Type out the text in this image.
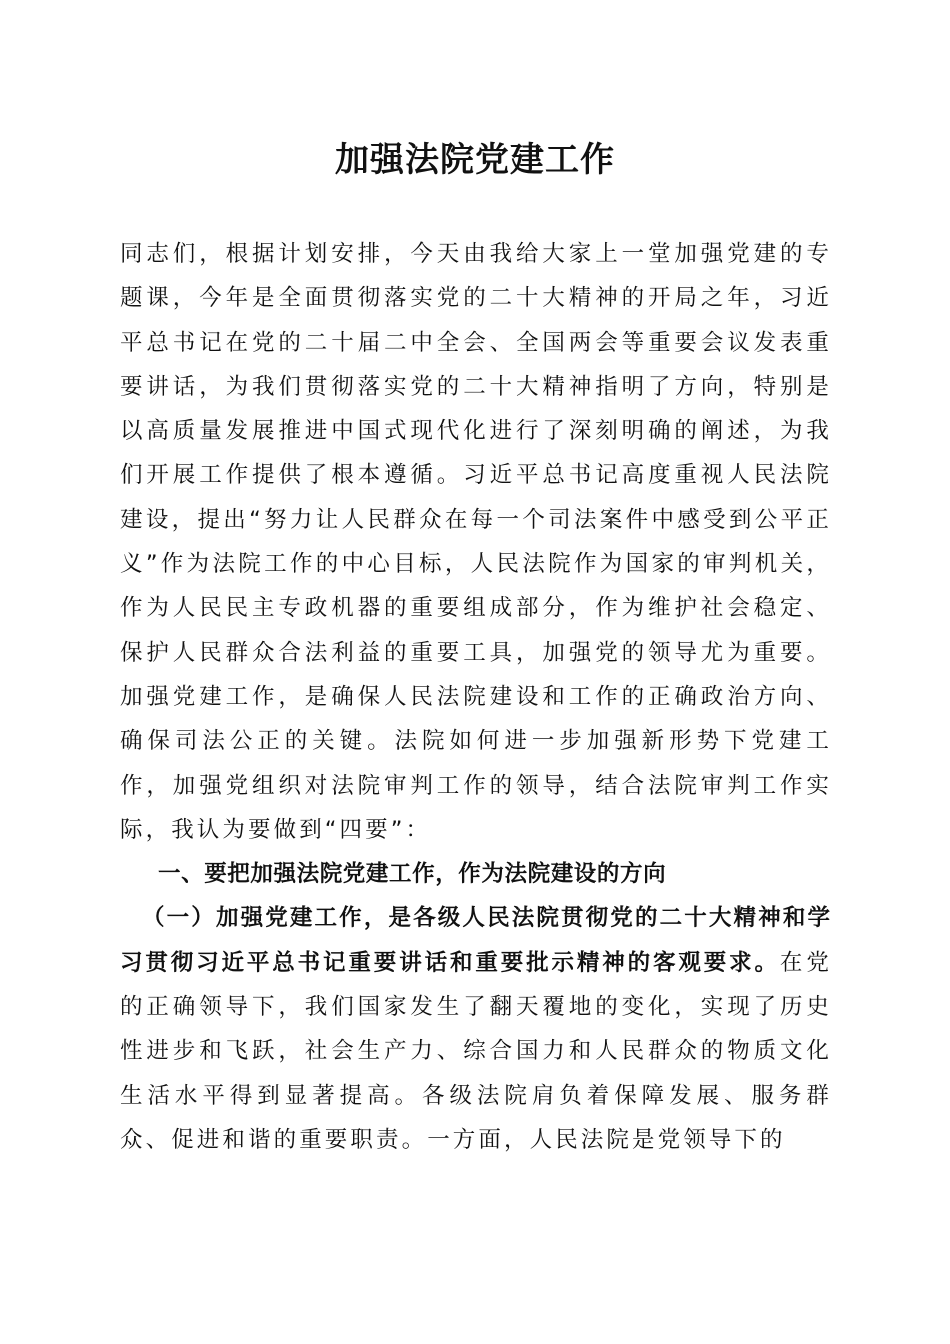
加强法院党建工作

同志们，根据计划安排，今天由我给大家上一堂加强党建的专题课，今年是全面贯彻落实党的二十大精神的开局之年，习近平总书记在党的二十届二中全会、全国两会等重要会议发表重要讲话，为我们贯彻落实党的二十大精神指明了方向，特别是以高质量发展推进中国式现代化进行了深刻明确的阐述，为我们开展工作提供了根本遵循。习近平总书记高度重视人民法院建设，提出“努力让人民群众在每一个司法案件中感受到公平正义”作为法院工作的中心目标，人民法院作为国家的审判机关，作为人民民主专政机器的重要组成部分，作为维护社会稳定、保护人民群众合法利益的重要工具，加强党的领导尤为重要。加强党建工作，是确保人民法院建设和工作的正确政治方向、确保司法公正的关键。法院如何进一步加强新形势下党建工作，加强党组织对法院审判工作的领导，结合法院审判工作实际，我认为要做到“四要”：

一、要把加强法院党建工作，作为法院建设的方向

（一）加强党建工作，是各级人民法院贯彻党的二十大精神和学习贯彻习近平总书记重要讲话和重要批示精神的客观要求。在党的正确领导下，我们国家发生了翻天覆地的变化，实现了历史性进步和飞跃，社会生产力、综合国力和人民群众的物质文化生活水平得到显著提高。各级法院肩负着保障发展、服务群众、促进和谐的重要职责。一方面，人民法院是党领导下的
